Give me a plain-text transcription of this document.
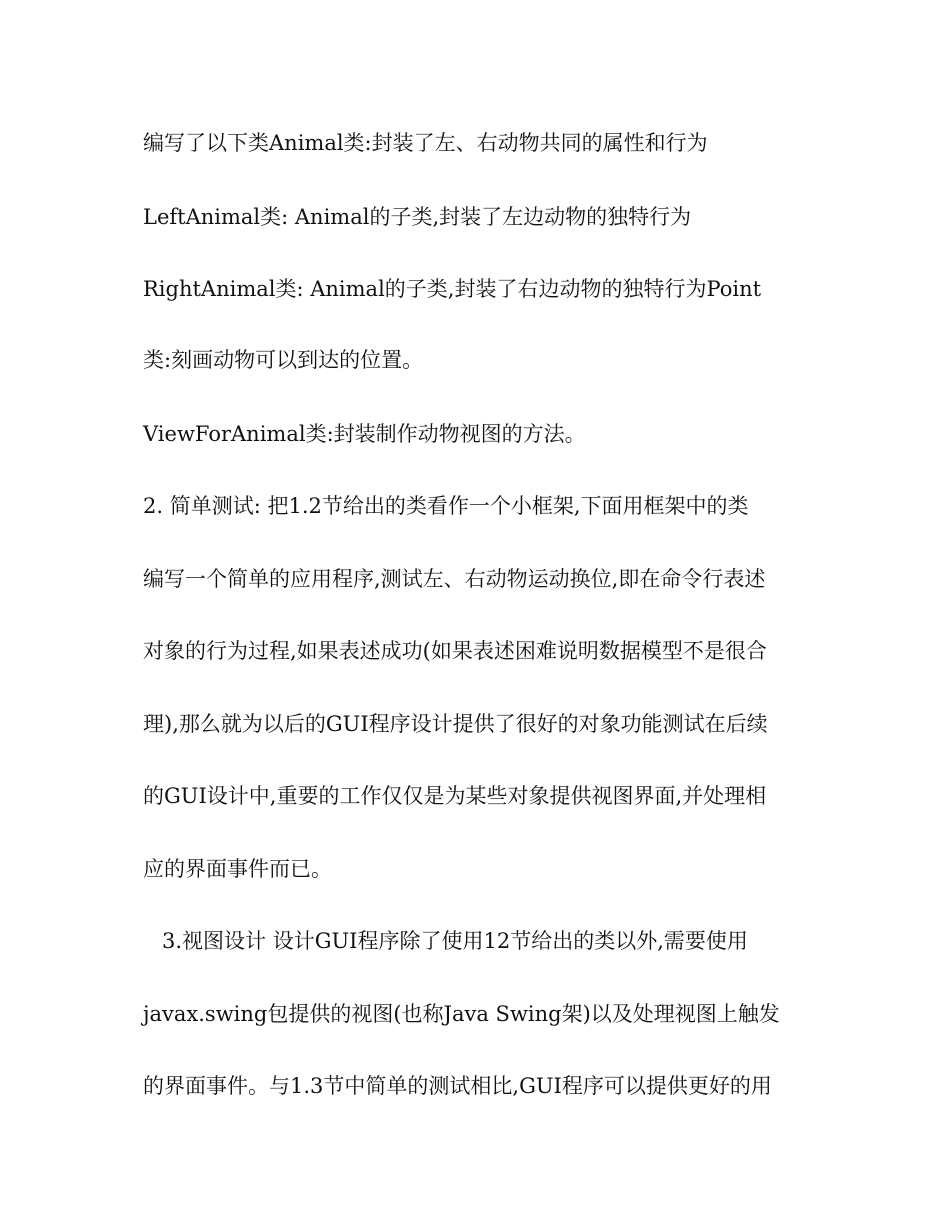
编写了以下类Animal类:封装了左、右动物共同的属性和行为
LeftAnimal类: Animal的子类,封装了左边动物的独特行为
RightAnimal类: Animal的子类,封装了右边动物的独特行为Point
类:刻画动物可以到达的位置。
ViewForAnimal类:封装制作动物视图的方法。
2. 简单测试: 把1.2节给出的类看作一个小框架,下面用框架中的类
编写一个简单的应用程序,测试左、右动物运动换位,即在命令行表述
对象的行为过程,如果表述成功(如果表述困难说明数据模型不是很合
理),那么就为以后的GUI程序设计提供了很好的对象功能测试在后续
的GUI设计中,重要的工作仅仅是为某些对象提供视图界面,并处理相
应的界面事件而已。
3.视图设计 设计GUI程序除了使用12节给出的类以外,需要使用
javax.swing包提供的视图(也称Java Swing架)以及处理视图上触发
的界面事件。与1.3节中简单的测试相比,GUI程序可以提供更好的用
